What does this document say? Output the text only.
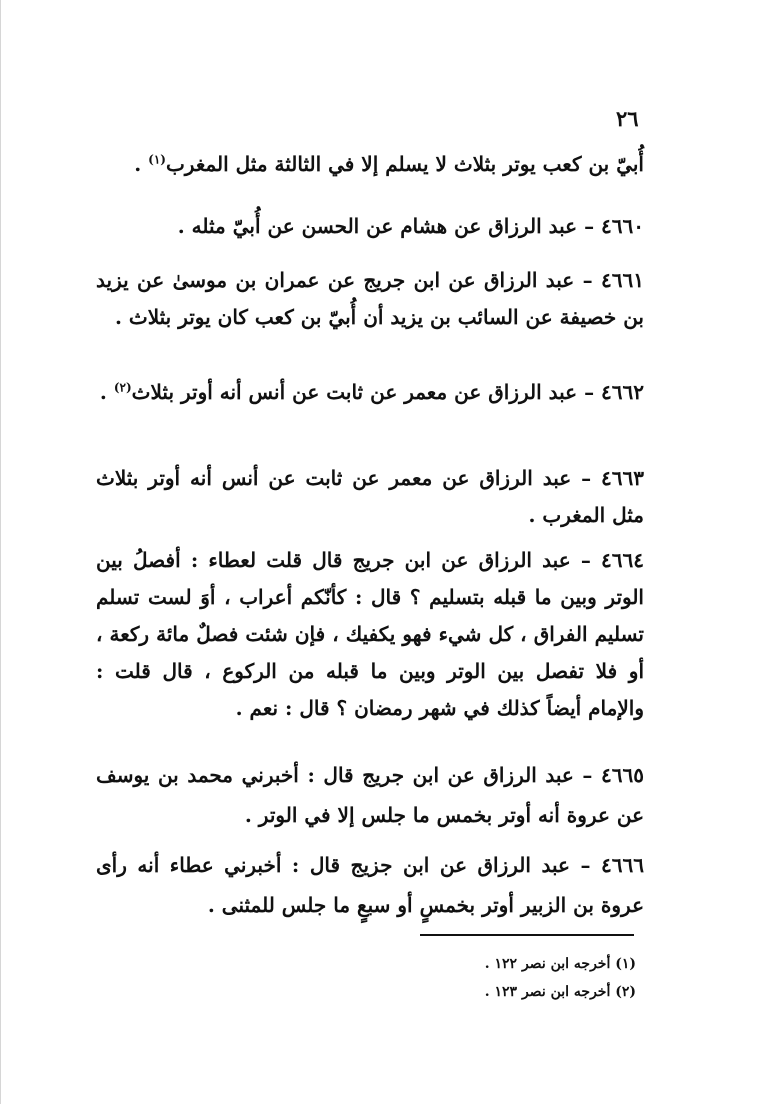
٢٦

أُبيّ بن كعب يوتر بثلاث لا يسلم إلا في الثالثة مثل المغرب$^{(١)}$ .

٤٦٦٠ – عبد الرزاق عن هشام عن الحسن عن أُبيّ مثله .

٤٦٦١ – عبد الرزاق عن ابن جريج عن عمران بن موسىٰ عن يزيد بن خصيفة عن السائب بن يزيد أن أُبيّ بن كعب كان يوتر بثلاث .

٤٦٦٢ – عبد الرزاق عن معمر عن ثابت عن أنس أنه أوتر بثلاث$^{(٢)}$ .

٤٦٦٣ – عبد الرزاق عن معمر عن ثابت عن أنس أنه أوتر بثلاث مثل المغرب .

٤٦٦٤ – عبد الرزاق عن ابن جريج قال قلت لعطاء : أفصلُ بين الوتر وبين ما قبله بتسليم ؟ قال : كأنّكم أعراب ، أوَ لست تسلم تسليم الفراق ، كل شيء فهو يكفيك ، فإن شئت فصلٌ مائة ركعة ، أو فلا تفصل بين الوتر وبين ما قبله من الركوع ، قال قلت : والإمام أيضاً كذلك في شهر رمضان ؟ قال : نعم .

٤٦٦٥ – عبد الرزاق عن ابن جريج قال : أخبرني محمد بن يوسف عن عروة أنه أوتر بخمس ما جلس إلا في الوتر .

٤٦٦٦ – عبد الرزاق عن ابن جزيج قال : أخبرني عطاء أنه رأى عروة بن الزبير أوتر بخمسٍ أو سبعٍ ما جلس للمثنى .

(١) أخرجه ابن نصر ١٢٢ .

(٢) أخرجه ابن نصر ١٢٣ .
